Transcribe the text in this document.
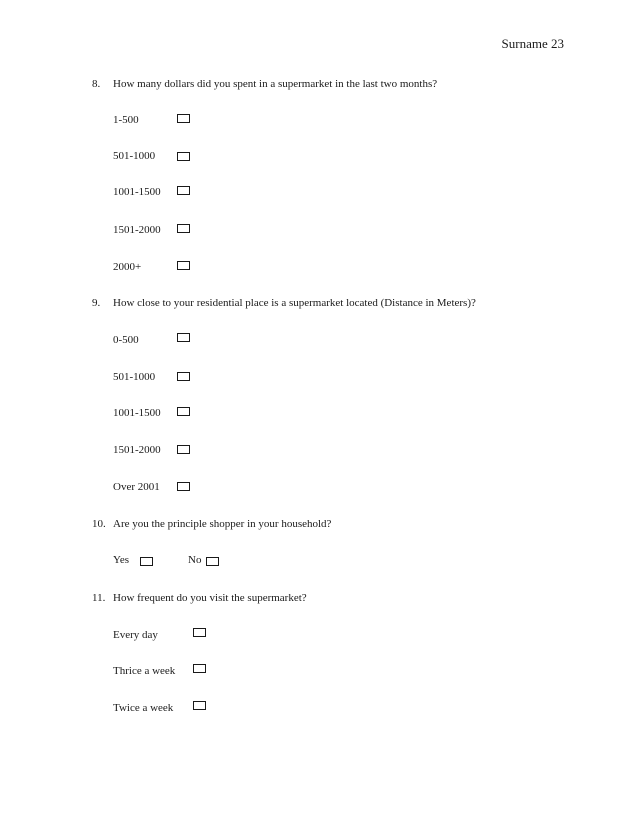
Surname 23

8.	How many dollars did you spent in a supermarket in the last two months?

1-500
501-1000
1001-1500
1501-2000
2000+

9.	How close to your residential place is a supermarket located (Distance in Meters)?

0-500
501-1000
1001-1500
1501-2000
Over 2001

10. Are you the principle shopper in your household?

Yes	No

11. How frequent do you visit the supermarket?

Every day
Thrice a week
Twice a week
